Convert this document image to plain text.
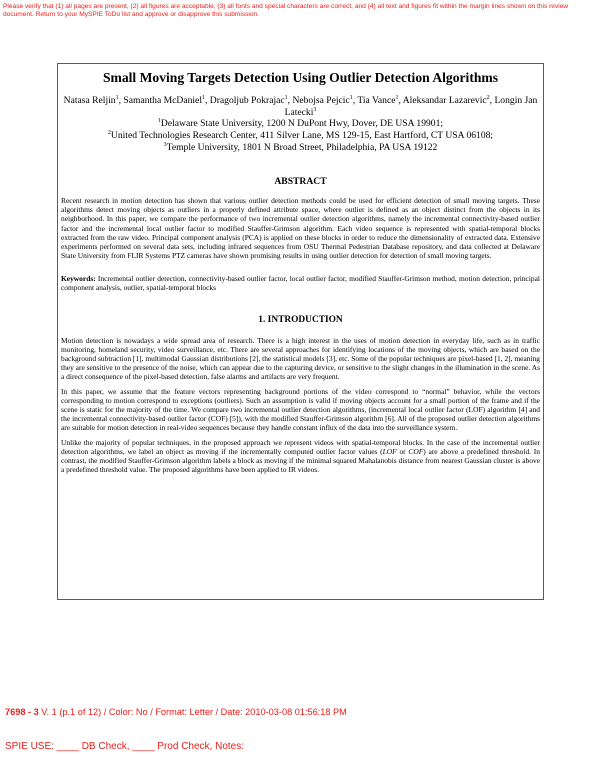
Please verify that (1) all pages are present, (2) all figures are acceptable, (3) all fonts and special characters are correct, and (4) all text and figures fit within the margin lines shown on this review document. Return to your MySPIE ToDo list and approve or disapprove this submission.
Small Moving Targets Detection Using Outlier Detection Algorithms
Natasa Reljin$^1$, Samantha McDaniel$^1$, Dragoljub Pokrajac$^1$, Nebojsa Pejcic$^1$, Tia Vance$^1$, Aleksandar Lazarevic$^2$, Longin Jan Latecki$^3$
$^1$Delaware State University, 1200 N DuPont Hwy, Dover, DE USA 19901;
$^2$United Technologies Research Center, 411 Silver Lane, MS 129-15, East Hartford, CT USA 06108;
$^3$Temple University, 1801 N Broad Street, Philadelphia, PA USA 19122
ABSTRACT

Recent research in motion detection has shown that various outlier detection methods could be used for efficient detection of small moving targets. These algorithms detect moving objects as outliers in a properly defined attribute space, where outlier is defined as an object distinct from the objects in its neighborhood. In this paper, we compare the performance of two incremental outlier detection algorithms, namely the incremental connectivity-based outlier factor and the incremental local outlier factor to modified Stauffer-Grimson algorithm. Each video sequence is represented with spatial-temporal blocks extracted from the raw video. Principal component analysis (PCA) is applied on these blocks in order to reduce the dimensionality of extracted data. Extensive experiments performed on several data sets, including infrared sequences from OSU Thermal Pedestrian Database repository, and data collected at Delaware State University from FLIR Systems PTZ cameras have shown promising results in using outlier detection for detection of small moving targets.

Keywords: Incremental outlier detection, connectivity-based outlier factor, local outlier factor, modified Stauffer-Grimson method, motion detection, principal component analysis, outlier, spatial-temporal blocks

1. INTRODUCTION

Motion detection is nowadays a wide spread area of research. There is a high interest in the uses of motion detection in everyday life, such as in traffic monitoring, homeland security, video surveillance, etc. There are several approaches for identifying locations of the moving objects, which are based on the background subtraction [1], multimodal Gaussian distributions [2], the statistical models [3], etc. Some of the popular techniques are pixel-based [1, 2], meaning they are sensitive to the presence of the noise, which can appear due to the capturing device, or sensitive to the slight changes in the illumination in the scene. As a direct consequence of the pixel-based detection, false alarms and artifacts are very frequent.

In this paper, we assume that the feature vectors representing background portions of the video correspond to “normal” behavior, while the vectors corresponding to motion correspond to exceptions (outliers). Such an assumption is valid if moving objects account for a small portion of the frame and if the scene is static for the majority of the time. We compare two incremental outlier detection algorithms, (incremental local outlier factor (LOF) algorithm [4] and the incremental connectivity-based outlier factor (COF) [5]), with the modified Stauffer-Grimson algorithm [6]. All of the proposed outlier detection algorithms are suitable for motion detection in real-video sequences because they handle constant influx of the data into the surveillance system.

Unlike the majority of popular techniques, in the proposed approach we represent videos with spatial-temporal blocks. In the case of the incremental outlier detection algorithms, we label an object as moving if the incrementally computed outlier factor values (LOF or COF) are above a predefined threshold. In contrast, the modified Stauffer-Grimson algorithm labels a block as moving if the minimal squared Mahalanobis distance from nearest Gaussian cluster is above a predefined threshold value. The proposed algorithms have been applied to IR videos.

7698 - 3 V. 1 (p.1 of 12) / Color: No / Format: Letter / Date: 2010-03-08 01:56:18 PM
SPIE USE: ____ DB Check, ____ Prod Check, Notes:
